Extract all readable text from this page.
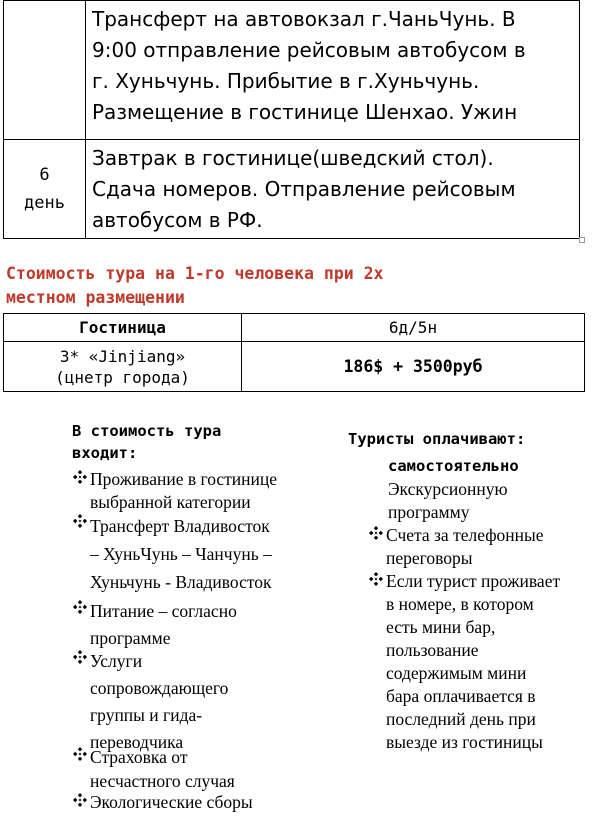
	Трансферт на автовокзал г.ЧаньЧунь. В
9:00 отправление рейсовым автобусом в
г. Хуньчунь. Прибытие в г.Хуньчунь.
Размещение в гостинице Шенхао. Ужин

6
день	Завтрак в гостинице(шведский стол).
Сдача номеров. Отправление рейсовым
автобусом в РФ.
Стоимость тура на 1-го человека при 2х
местном размещении
Гостиница	6д/5н

3* «Jinjiang»
(цнетр города)	186$ + 3500руб
В стоимость тура
входит:
Проживание в гостинице
выбранной категории
Трансферт Владивосток
– ХуньЧунь – Чанчунь –
Хуньчунь - Владивосток
Питание – согласно
программе
Услуги
сопровождающего
группы и гида-
переводчика
Страховка от
несчастного случая
Экологические сборы
Туристы оплачивают:
самостоятельно
Экскурсионную
программу
Счета за телефонные
переговоры
Если турист проживает
в номере, в котором
есть мини бар,
пользование
содержимым мини
бара оплачивается в
последний день при
выезде из гостиницы
